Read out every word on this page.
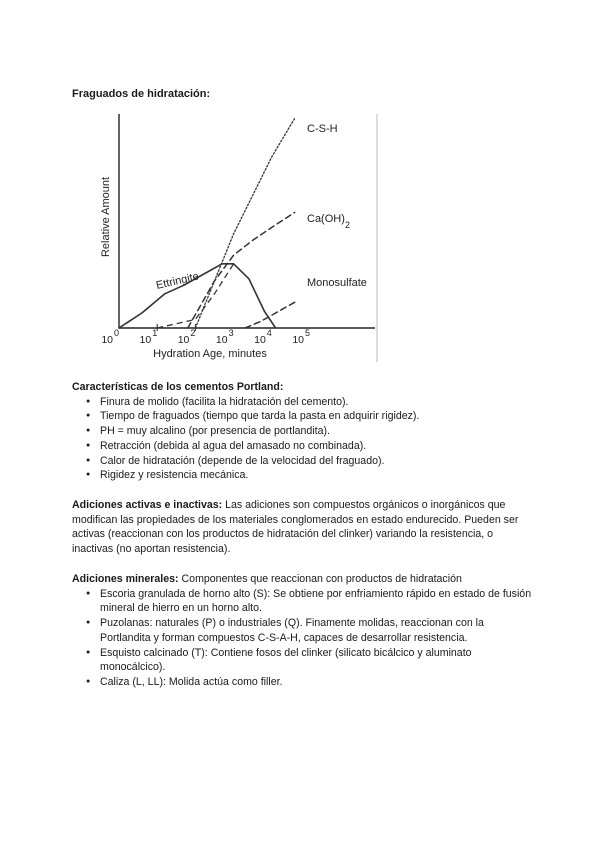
Fraguados de hidratación:
10
0
10
1
10
2
10
3
10
4
10
5
Hydration Age, minutes
Relative Amount
C-S-H
Ca(OH) 2
Ettringite	Monosulfate
Características de los cementos Portland:
● Finura de molido (facilita la hidratación del cemento).
● Tiempo de fraguados (tiempo que tarda la pasta en adquirir rigidez).
● PH = muy alcalino (por presencia de portlandita).
● Retracción (debida al agua del amasado no combinada).
● Calor de hidratación (depende de la velocidad del fraguado).
● Rigidez y resistencia mecánica.

Adiciones activas e inactivas: Las adiciones son compuestos orgánicos o inorgánicos que modifican las propiedades de los materiales conglomerados en estado endurecido. Pueden ser activas (reaccionan con los productos de hidratación del clinker) variando la resistencia, o inactivas (no aportan resistencia).

Adiciones minerales: Componentes que reaccionan con productos de hidratación

● Escoria granulada de horno alto (S): Se obtiene por enfriamiento rápido en estado de fusión mineral de hierro en un horno alto.
● Puzolanas: naturales (P) o industriales (Q). Finamente molidas, reaccionan con la Portlandita y forman compuestos C-S-A-H, capaces de desarrollar resistencia.
● Esquisto calcinado (T): Contiene fosos del clinker (silicato bicálcico y aluminato monocálcico).
● Caliza (L, LL): Molida actúa como filler.
